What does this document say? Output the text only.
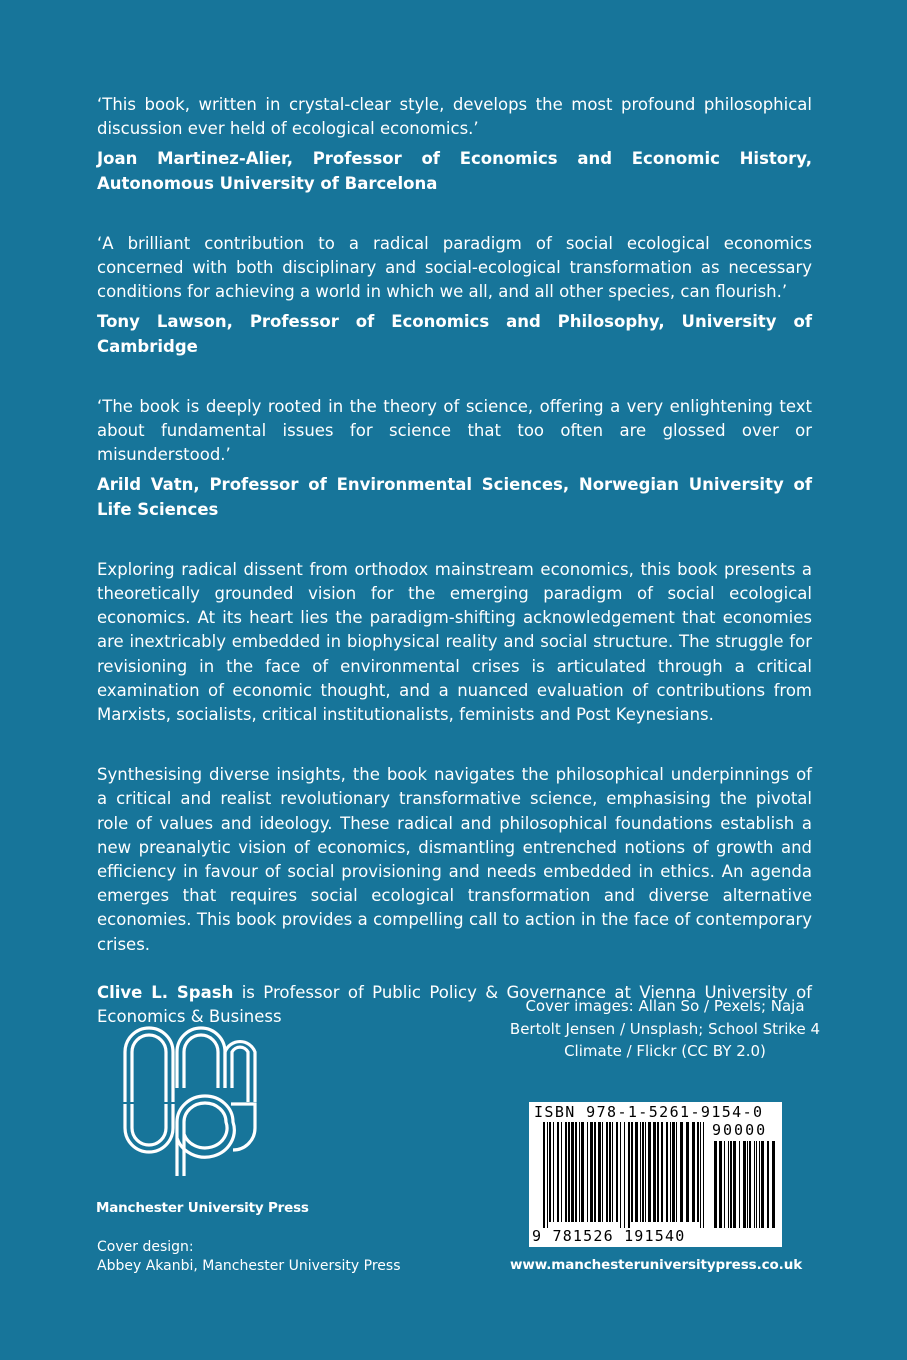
‘This book, written in crystal-clear style, develops the most profound philosophical discussion ever held of ecological economics.’

Joan Martinez-Alier, Professor of Economics and Economic History, Autonomous University of Barcelona

‘A brilliant contribution to a radical paradigm of social ecological economics concerned with both disciplinary and social-ecological transformation as necessary conditions for achieving a world in which we all, and all other species, can flourish.’

Tony Lawson, Professor of Economics and Philosophy, University of Cambridge

‘The book is deeply rooted in the theory of science, offering a very enlightening text about fundamental issues for science that too often are glossed over or misunderstood.’

Arild Vatn, Professor of Environmental Sciences, Norwegian University of Life Sciences

Exploring radical dissent from orthodox mainstream economics, this book presents a theoretically grounded vision for the emerging paradigm of social ecological economics. At its heart lies the paradigm-shifting acknowledgement that economies are inextricably embedded in biophysical reality and social structure. The struggle for revisioning in the face of environmental crises is articulated through a critical examination of economic thought, and a nuanced evaluation of contributions from Marxists, socialists, critical institutionalists, feminists and Post Keynesians.

Synthesising diverse insights, the book navigates the philosophical underpinnings of a critical and realist revolutionary transformative science, emphasising the pivotal role of values and ideology. These radical and philosophical foundations establish a new preanalytic vision of economics, dismantling entrenched notions of growth and efficiency in favour of social provisioning and needs embedded in ethics. An agenda emerges that requires social ecological transformation and diverse alternative economies. This book provides a compelling call to action in the face of contemporary crises.

Clive L. Spash is Professor of Public Policy & Governance at Vienna University of Economics & Business

Cover images: Allan So / Pexels; Naja Bertolt Jensen / Unsplash; School Strike 4 Climate / Flickr (CC BY 2.0)
Manchester University Press
Cover design:
Abbey Akanbi, Manchester University Press
ISBN 978-1-5261-9154-0
90000
9 781526 191540
www.manchesteruniversitypress.co.uk
